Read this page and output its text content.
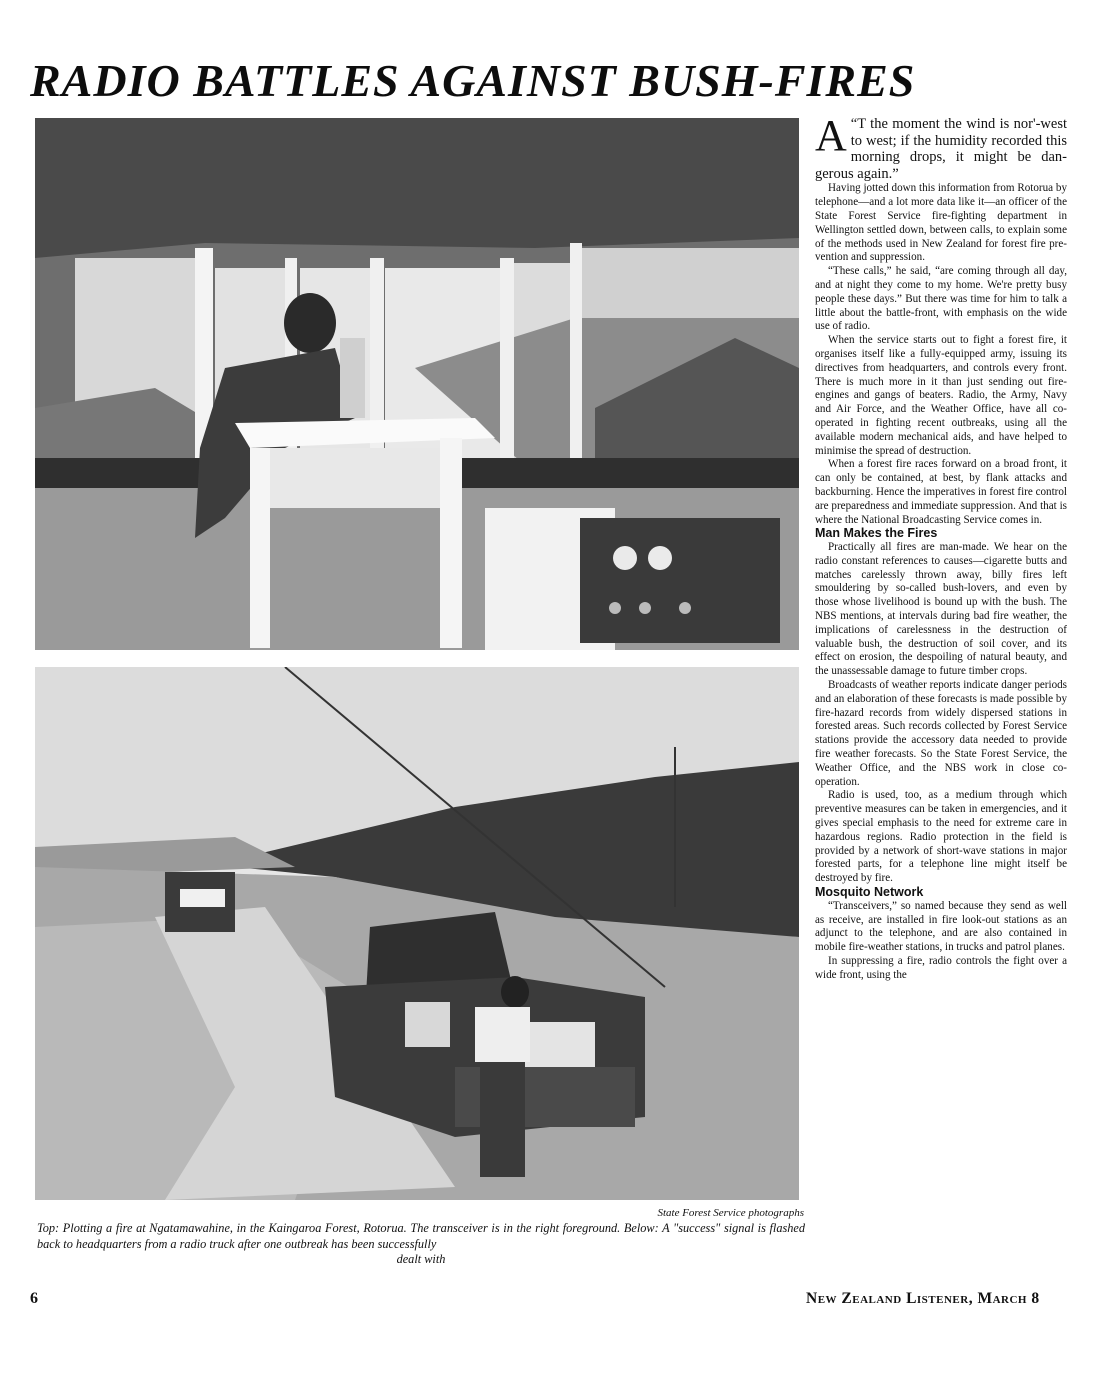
RADIO BATTLES AGAINST BUSH-FIRES
State Forest Service photographs

Top: Plotting a fire at Ngatamawahine, in the Kaingaroa Forest, Rotorua. The transceiver is in the right foreground. Below: A "success" signal is flashed back to headquarters from a radio truck after one outbreak has been successfully
dealt with

“
A T the moment the wind is nor'-west to west; if the humidity recorded this morning drops, it might be dangerous again.”

Having jotted down this information from Rotorua by telephone—and a lot more data like it—an officer of the State Forest Service fire-fighting department in Wellington settled down, between calls, to explain some of the methods used in New Zealand for forest fire prevention and suppression.

“These calls,” he said, “are coming through all day, and at night they come to my home. We're pretty busy people these days.” But there was time for him to talk a little about the battle-front, with emphasis on the wide use of radio.

When the service starts out to fight a forest fire, it organises itself like a fully-equipped army, issuing its directives from headquarters, and controls every front. There is much more in it than just sending out fire-engines and gangs of beaters. Radio, the Army, Navy and Air Force, and the Weather Office, have all co-operated in fighting recent outbreaks, using all the available modern mechanical aids, and have helped to minimise the spread of destruction.

When a forest fire races forward on a broad front, it can only be contained, at best, by flank attacks and backburning. Hence the imperatives in forest fire control are preparedness and immediate suppression. And that is where the National Broadcasting Service comes in.

Man Makes the Fires

Practically all fires are man-made. We hear on the radio constant references to causes—cigarette butts and matches carelessly thrown away, billy fires left smouldering by so-called bush-lovers, and even by those whose livelihood is bound up with the bush. The NBS mentions, at intervals during bad fire weather, the implications of carelessness in the destruction of valuable bush, the destruction of soil cover, and its effect on erosion, the despoiling of natural beauty, and the unassessable damage to future timber crops.

Broadcasts of weather reports indicate danger periods and an elaboration of these forecasts is made possible by fire-hazard records from widely dispersed stations in forested areas. Such records collected by Forest Service stations provide the accessory data needed to provide fire weather forecasts. So the State Forest Service, the Weather Office, and the NBS work in close co-operation.

Radio is used, too, as a medium through which preventive measures can be taken in emergencies, and it gives special emphasis to the need for extreme care in hazardous regions. Radio protection in the field is provided by a network of short-wave stations in major forested parts, for a telephone line might itself be destroyed by fire.

Mosquito Network

“Transceivers,” so named because they send as well as receive, are installed in fire look-out stations as an adjunct to the telephone, and are also contained in mobile fire-weather stations, in trucks and patrol planes.

In suppressing a fire, radio controls the fight over a wide front, using the

6	New Zealand Listener, March 8
